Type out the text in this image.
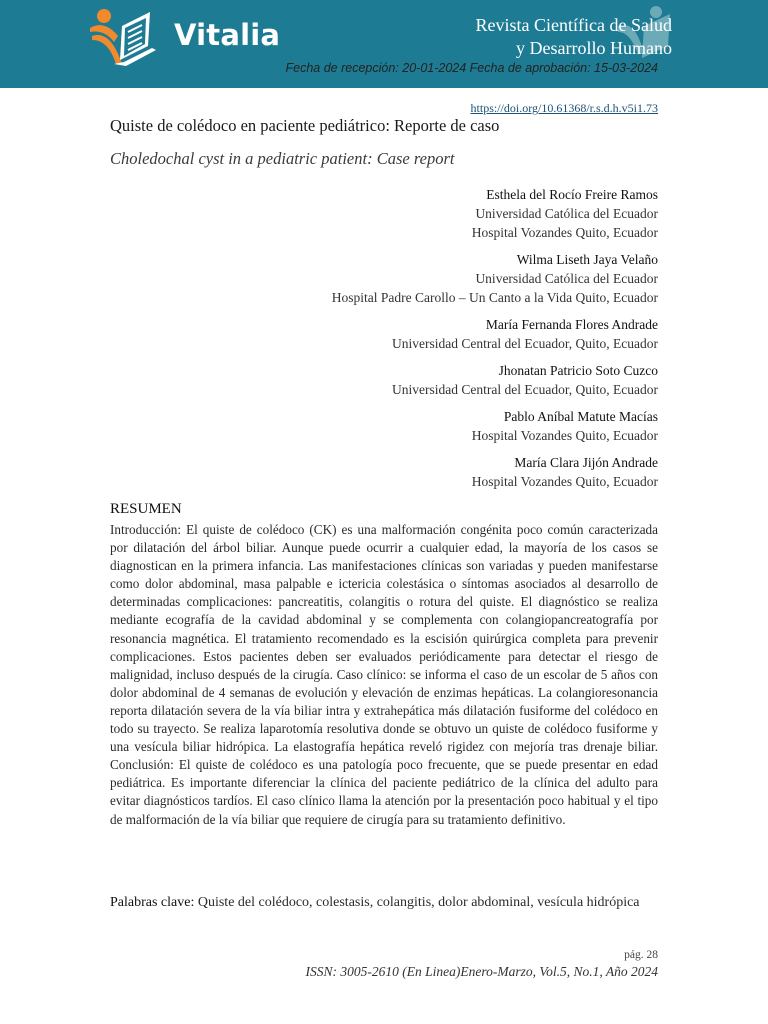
Vitalia	Revista Científica de Salud
y Desarrollo Humano
Fecha de recepción: 20-01-2024 Fecha de aprobación: 15-03-2024
https://doi.org/10.61368/r.s.d.h.v5i1.73
Quiste de colédoco en paciente pediátrico: Reporte de caso
Choledochal cyst in a pediatric patient: Case report
Esthela del Rocío Freire Ramos
Universidad Católica del Ecuador
Hospital Vozandes Quito, Ecuador
Wilma Liseth Jaya Velaño
Universidad Católica del Ecuador
Hospital Padre Carollo – Un Canto a la Vida Quito, Ecuador
María Fernanda Flores Andrade
Universidad Central del Ecuador, Quito, Ecuador
Jhonatan Patricio Soto Cuzco
Universidad Central del Ecuador, Quito, Ecuador
Pablo Aníbal Matute Macías
Hospital Vozandes Quito, Ecuador
María Clara Jijón Andrade
Hospital Vozandes Quito, Ecuador
RESUMEN
Introducción: El quiste de colédoco (CK) es una malformación congénita poco común caracterizada por dilatación del árbol biliar. Aunque puede ocurrir a cualquier edad, la mayoría de los casos se diagnostican en la primera infancia. Las manifestaciones clínicas son variadas y pueden manifestarse como dolor abdominal, masa palpable e ictericia colestásica o síntomas asociados al desarrollo de determinadas complicaciones: pancreatitis, colangitis o rotura del quiste. El diagnóstico se realiza mediante ecografía de la cavidad abdominal y se complementa con colangiopancreatografía por resonancia magnética. El tratamiento recomendado es la escisión quirúrgica completa para prevenir complicaciones. Estos pacientes deben ser evaluados periódicamente para detectar el riesgo de malignidad, incluso después de la cirugía. Caso clínico: se informa el caso de un escolar de 5 años con dolor abdominal de 4 semanas de evolución y elevación de enzimas hepáticas. La colangioresonancia reporta dilatación severa de la vía biliar intra y extrahepática más dilatación fusiforme del colédoco en todo su trayecto. Se realiza laparotomía resolutiva donde se obtuvo un quiste de colédoco fusiforme y una vesícula biliar hidrópica. La elastografía hepática reveló rigidez con mejoría tras drenaje biliar. Conclusión: El quiste de colédoco es una patología poco frecuente, que se puede presentar en edad pediátrica. Es importante diferenciar la clínica del paciente pediátrico de la clínica del adulto para evitar diagnósticos tardíos. El caso clínico llama la atención por la presentación poco habitual y el tipo de malformación de la vía biliar que requiere de cirugía para su tratamiento definitivo.
Palabras clave: Quiste del colédoco, colestasis, colangitis, dolor abdominal, vesícula hidrópica
pág. 28
ISSN: 3005-2610 (En Linea)Enero-Marzo, Vol.5, No.1, Año 2024
